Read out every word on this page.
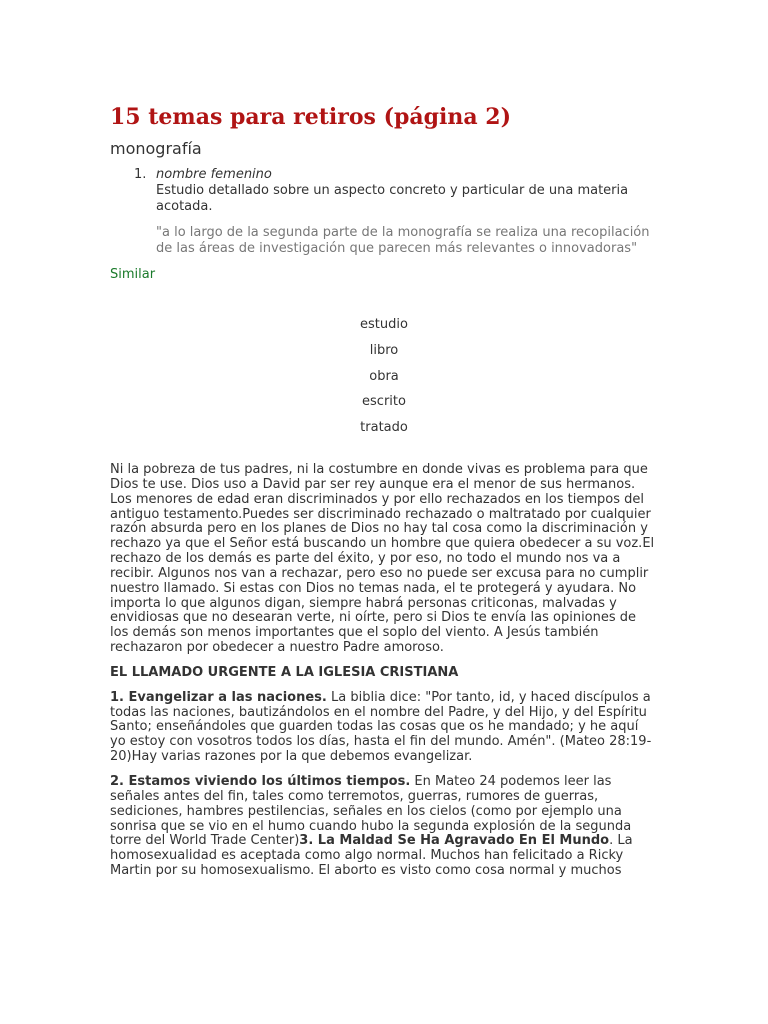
15 temas para retiros (página 2)
monografía
1. nombre femenino
Estudio detallado sobre un aspecto concreto y particular de una materia acotada.
"a lo largo de la segunda parte de la monografía se realiza una recopilación de las áreas de investigación que parecen más relevantes o innovadoras"
Similar
estudio
libro
obra
escrito
tratado

Ni la pobreza de tus padres, ni la costumbre en donde vivas es problema para que Dios te use. Dios uso a David par ser rey aunque era el menor de sus hermanos. Los menores de edad eran discriminados y por ello rechazados en los tiempos del antiguo testamento.Puedes ser discriminado rechazado o maltratado por cualquier razón absurda pero en los planes de Dios no hay tal cosa como la discriminación y rechazo ya que el Señor está buscando un hombre que quiera obedecer a su voz.El rechazo de los demás es parte del éxito, y por eso, no todo el mundo nos va a recibir. Algunos nos van a rechazar, pero eso no puede ser excusa para no cumplir nuestro llamado. Si estas con Dios no temas nada, el te protegerá y ayudara. No importa lo que algunos digan, siempre habrá personas criticonas, malvadas y envidiosas que no desearan verte, ni oírte, pero si Dios te envía las opiniones de los demás son menos importantes que el soplo del viento. A Jesús también rechazaron por obedecer a nuestro Padre amoroso.

EL LLAMADO URGENTE A LA IGLESIA CRISTIANA

1. Evangelizar a las naciones. La biblia dice: "Por tanto, id, y haced discípulos a todas las naciones, bautizándolos en el nombre del Padre, y del Hijo, y del Espíritu Santo; enseñándoles que guarden todas las cosas que os he mandado; y he aquí yo estoy con vosotros todos los días, hasta el fin del mundo. Amén". (Mateo 28:19-20)Hay varias razones por la que debemos evangelizar.

2. Estamos viviendo los últimos tiempos. En Mateo 24 podemos leer las señales antes del fin, tales como terremotos, guerras, rumores de guerras, sediciones, hambres pestilencias, señales en los cielos (como por ejemplo una sonrisa que se vio en el humo cuando hubo la segunda explosión de la segunda torre del World Trade Center)3. La Maldad Se Ha Agravado En El Mundo. La homosexualidad es aceptada como algo normal. Muchos han felicitado a Ricky Martin por su homosexualismo. El aborto es visto como cosa normal y muchos
